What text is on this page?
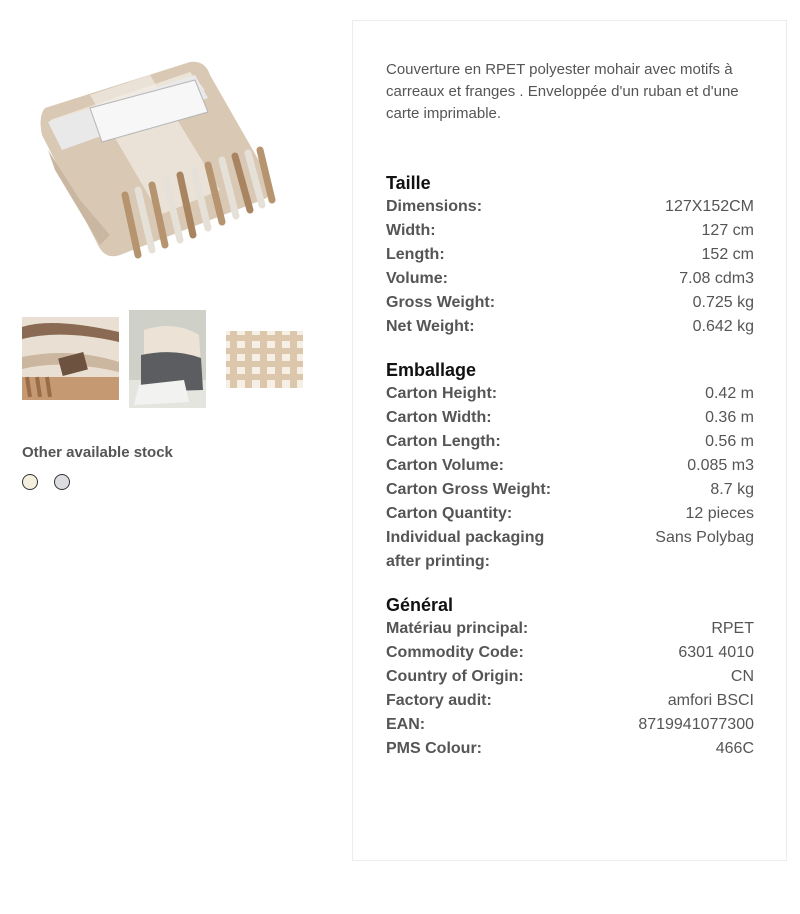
Other available stock
Couverture en RPET polyester mohair avec motifs à carreaux et franges . Enveloppée d'un ruban et d'une carte imprimable.
Taille
Dimensions:	127X152CM
Width:	127 cm
Length:	152 cm
Volume:	7.08 cdm3
Gross Weight:	0.725 kg
Net Weight:	0.642 kg
Emballage
Carton Height:	0.42 m
Carton Width:	0.36 m
Carton Length:	0.56 m
Carton Volume:	0.085 m3
Carton Gross Weight:	8.7 kg
Carton Quantity:	12 pieces
Individual packaging after printing:
Sans Polybag
Général
Matériau principal:	RPET
Commodity Code:	6301 4010
Country of Origin:	CN
Factory audit:	amfori BSCI
EAN:	8719941077300
PMS Colour:	466C
